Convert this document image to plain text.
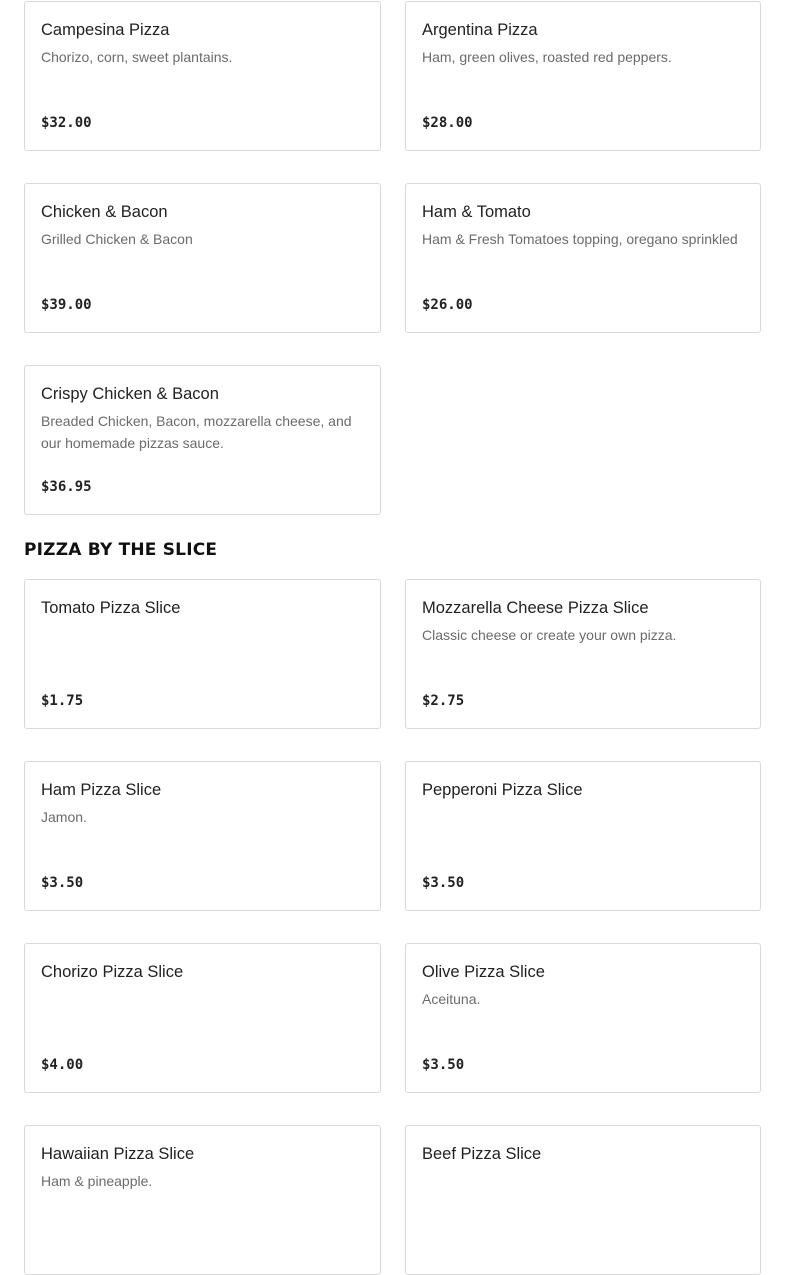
Campesina Pizza
Chorizo, corn, sweet plantains.
$32.00
Argentina Pizza
Ham, green olives, roasted red peppers.
$28.00
Chicken & Bacon
Grilled Chicken & Bacon
$39.00
Ham & Tomato
Ham & Fresh Tomatoes topping, oregano sprinkled
$26.00
Crispy Chicken & Bacon
Breaded Chicken, Bacon, mozzarella cheese, and our homemade pizzas sauce.
$36.95
PIZZA BY THE SLICE
Tomato Pizza Slice
$1.75
Mozzarella Cheese Pizza Slice
Classic cheese or create your own pizza.
$2.75
Ham Pizza Slice
Jamon.
$3.50
Pepperoni Pizza Slice
$3.50
Chorizo Pizza Slice
$4.00
Olive Pizza Slice
Aceituna.
$3.50
Hawaiian Pizza Slice
Ham & pineapple.
Beef Pizza Slice
